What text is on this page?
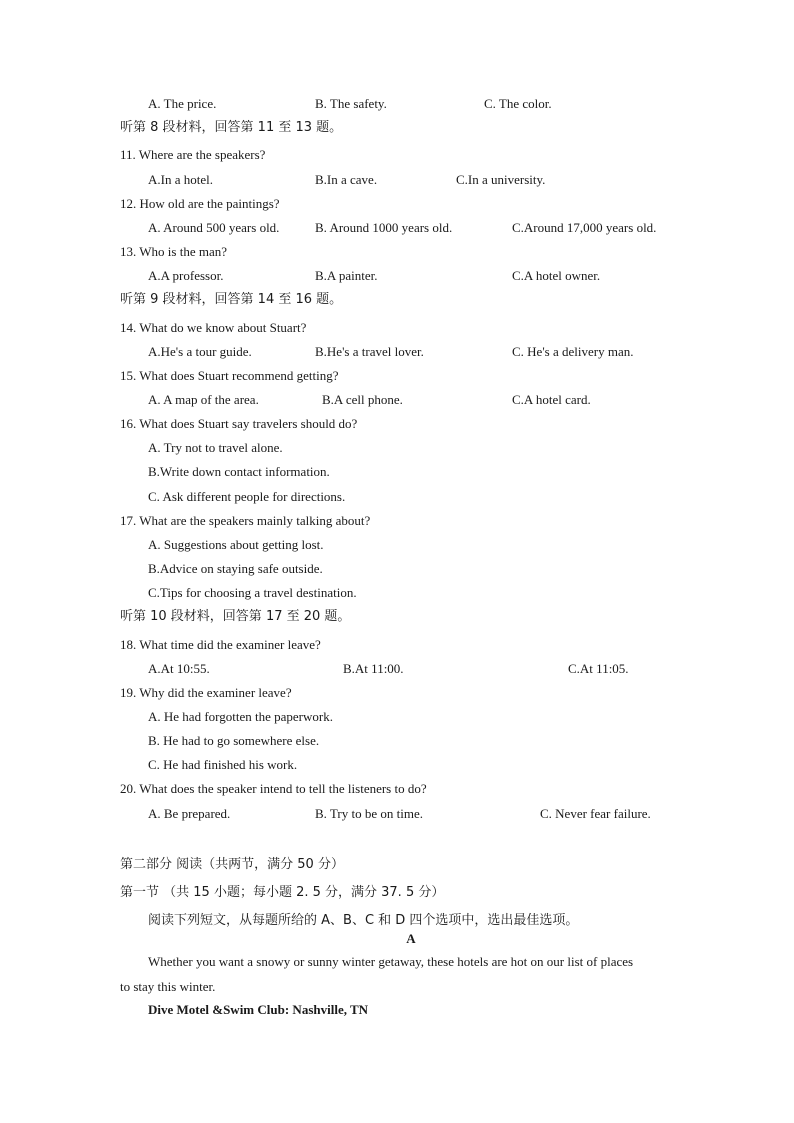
A. The price.	B. The safety.	C. The color.
听第 8 段材料，回答第 11 至 13 题。
11. Where are the speakers?
A.In a hotel.	B.In a cave.	C.In a university.
12. How old are the paintings?
A. Around 500 years old.	B. Around 1000 years old.	C.Around 17,000 years old.
13. Who is the man?
A.A professor.	B.A painter.	C.A hotel owner.
听第 9 段材料，回答第 14 至 16 题。
14. What do we know about Stuart?
A.He's a tour guide.	B.He's a travel lover.	C. He's a delivery man.
15. What does Stuart recommend getting?
A. A map of the area.	B.A cell phone.	C.A hotel card.
16. What does Stuart say travelers should do?
A. Try not to travel alone.
B.Write down contact information.
C. Ask different people for directions.
17. What are the speakers mainly talking about?
A. Suggestions about getting lost.
B.Advice on staying safe outside.
C.Tips for choosing a travel destination.
听第 10 段材料，回答第 17 至 20 题。
18. What time did the examiner leave?
A.At 10:55.	B.At 11:00.	C.At 11:05.
19. Why did the examiner leave?
A. He had forgotten the paperwork.
B. He had to go somewhere else.
C. He had finished his work.
20. What does the speaker intend to tell the listeners to do?
A. Be prepared.	B. Try to be on time.	C. Never fear failure.
第二部分 阅读（共两节，满分 50 分）
第一节 （共 15 小题；每小题 2. 5 分，满分 37. 5 分）
阅读下列短文，从每题所给的 A、B、C 和 D 四个选项中，选出最佳选项。
A
Whether you want a snowy or sunny winter getaway, these hotels are hot on our list of places
to stay this winter.
Dive Motel &Swim Club: Nashville, TN
